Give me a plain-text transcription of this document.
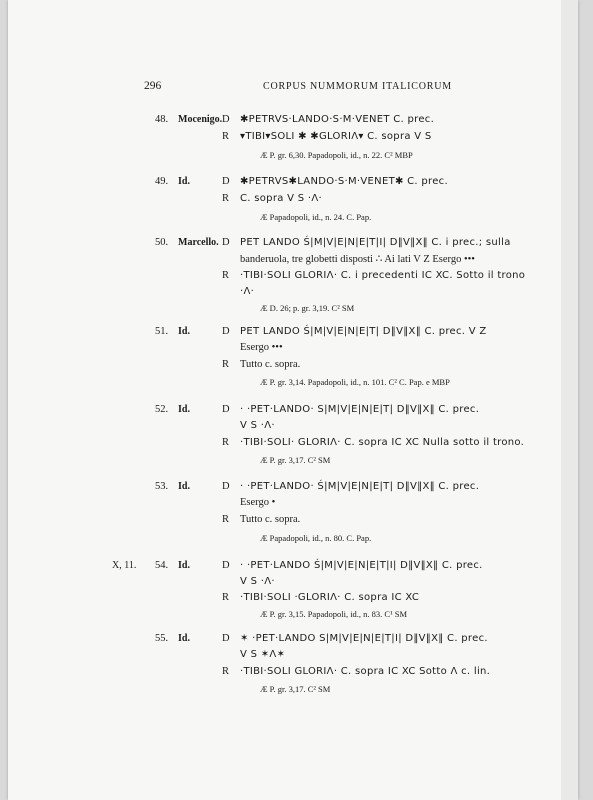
296	CORPUS NUMMORUM ITALICORUM
48. Mocenigo. D ✱PETRVS·LANDO·S·M·VENET C. prec.
R ▾TIBI▾SOLI ✱ ✱GLORIΛ▾ C. sopra V S
Æ P. gr. 6,30. Papadopoli, id., n. 22. C² MBP
49. Id.	D ✱PETRVS✱LANDO·S·M·VENET✱ C. prec.
R C. sopra V S ·Λ·
Æ Papadopoli, id., n. 24. C. Pap.
50. Marcello. D PET LANDO Ś|M|V|E|N|E|T|I| D‖V‖X‖ C. i prec.; sulla
banderuola, tre globetti disposti ∴ Ai lati V Z Esergo •••
R ·TIBI·SOLI GLORIΛ· C. i precedenti IC XC. Sotto il trono
·Λ·
Æ D. 26; p. gr. 3,19. C² SM
51. Id.	D PET LANDO Ś|M|V|E|N|E|T| D‖V‖X‖ C. prec. V Z
Esergo •••
R Tutto c. sopra.
Æ P. gr. 3,14. Papadopoli, id., n. 101. C² C. Pap. e MBP
52. Id.	D · ·PET·LANDO· S|M|V|E|N|E|T| D‖V‖X‖ C. prec.
V S ·Λ·
R ·TIBI·SOLI· GLORIΛ· C. sopra IC XC Nulla sotto il trono.
Æ P. gr. 3,17. C² SM
53. Id.	D · ·PET·LANDO· Ś|M|V|E|N|E|T| D‖V‖X‖ C. prec.
Esergo •
R Tutto c. sopra.
Æ Papadopoli, id., n. 80. C. Pap.
X, 11. 54. Id.	D · ·PET·LANDO Ś|M|V|E|N|E|T|I| D‖V‖X‖ C. prec.
V S ·Λ·
R ·TIBI·SOLI ·GLORIΛ· C. sopra IC XC
Æ P. gr. 3,15. Papadopoli, id., n. 83. C¹ SM
55. Id.	D ✶ ·PET·LANDO S|M|V|E|N|E|T|I| D‖V‖X‖ C. prec.
V S ✶Λ✶
R ·TIBI·SOLI GLORIΛ· C. sopra IC XC Sotto Λ c. lin.
Æ P. gr. 3,17. C² SM
